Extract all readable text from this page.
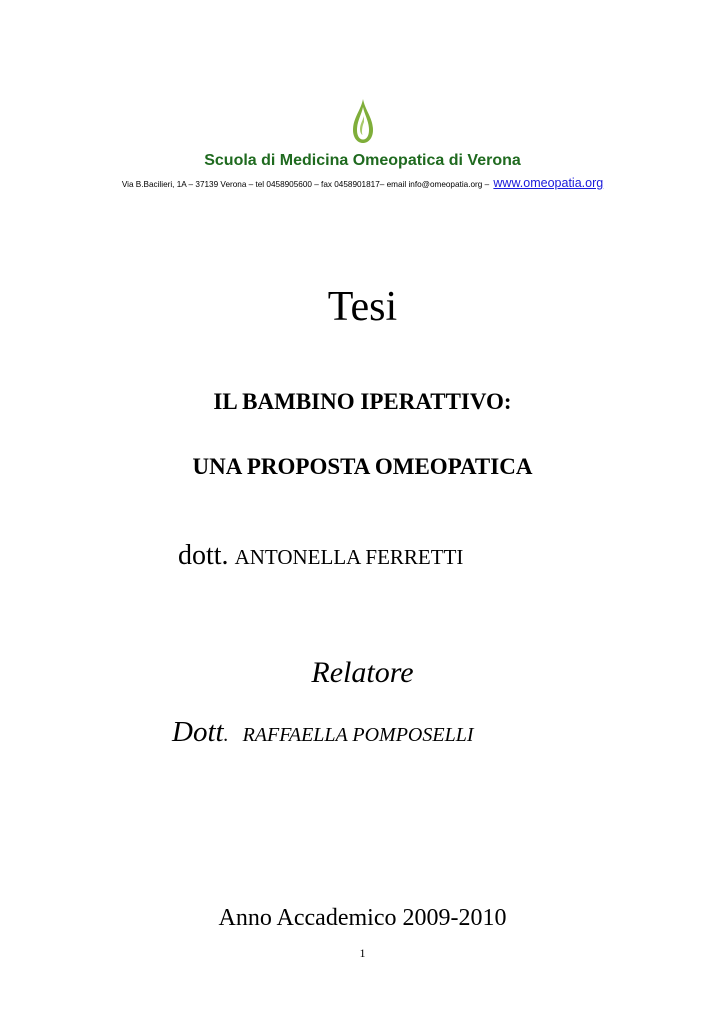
Scuola di Medicina Omeopatica di Verona
Via B.Bacilieri, 1A – 37139 Verona – tel 0458905600 – fax 0458901817– email info@omeopatia.org – www.omeopatia.org
Tesi
IL BAMBINO IPERATTIVO:
UNA PROPOSTA OMEOPATICA
dott. ANTONELLA FERRETTI
Relatore
Dott. RAFFAELLA POMPOSELLI
Anno Accademico 2009-2010
1
